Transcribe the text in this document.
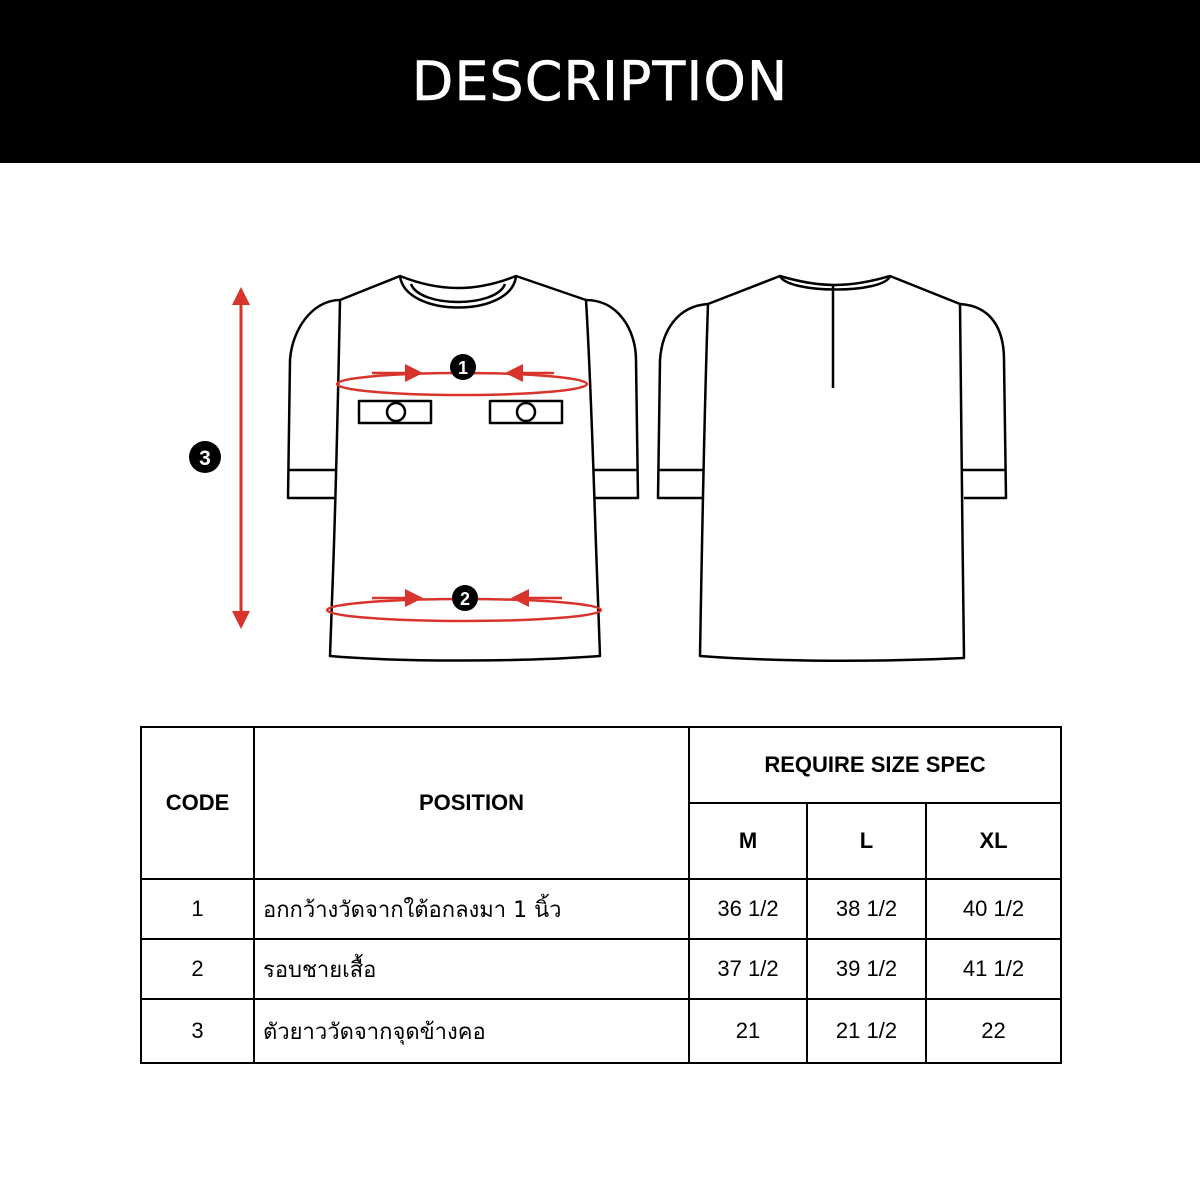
DESCRIPTION
1
2
3
CODE	POSITION	REQUIRE SIZE SPEC		
		M	L	XL
1	อกกว้างวัดจากใต้อกลงมา 1 นิ้ว	36 1/2	38 1/2	40 1/2
2	รอบชายเสื้อ	37 1/2	39 1/2	41 1/2
3	ตัวยาววัดจากจุดข้างคอ	21	21 1/2	22
